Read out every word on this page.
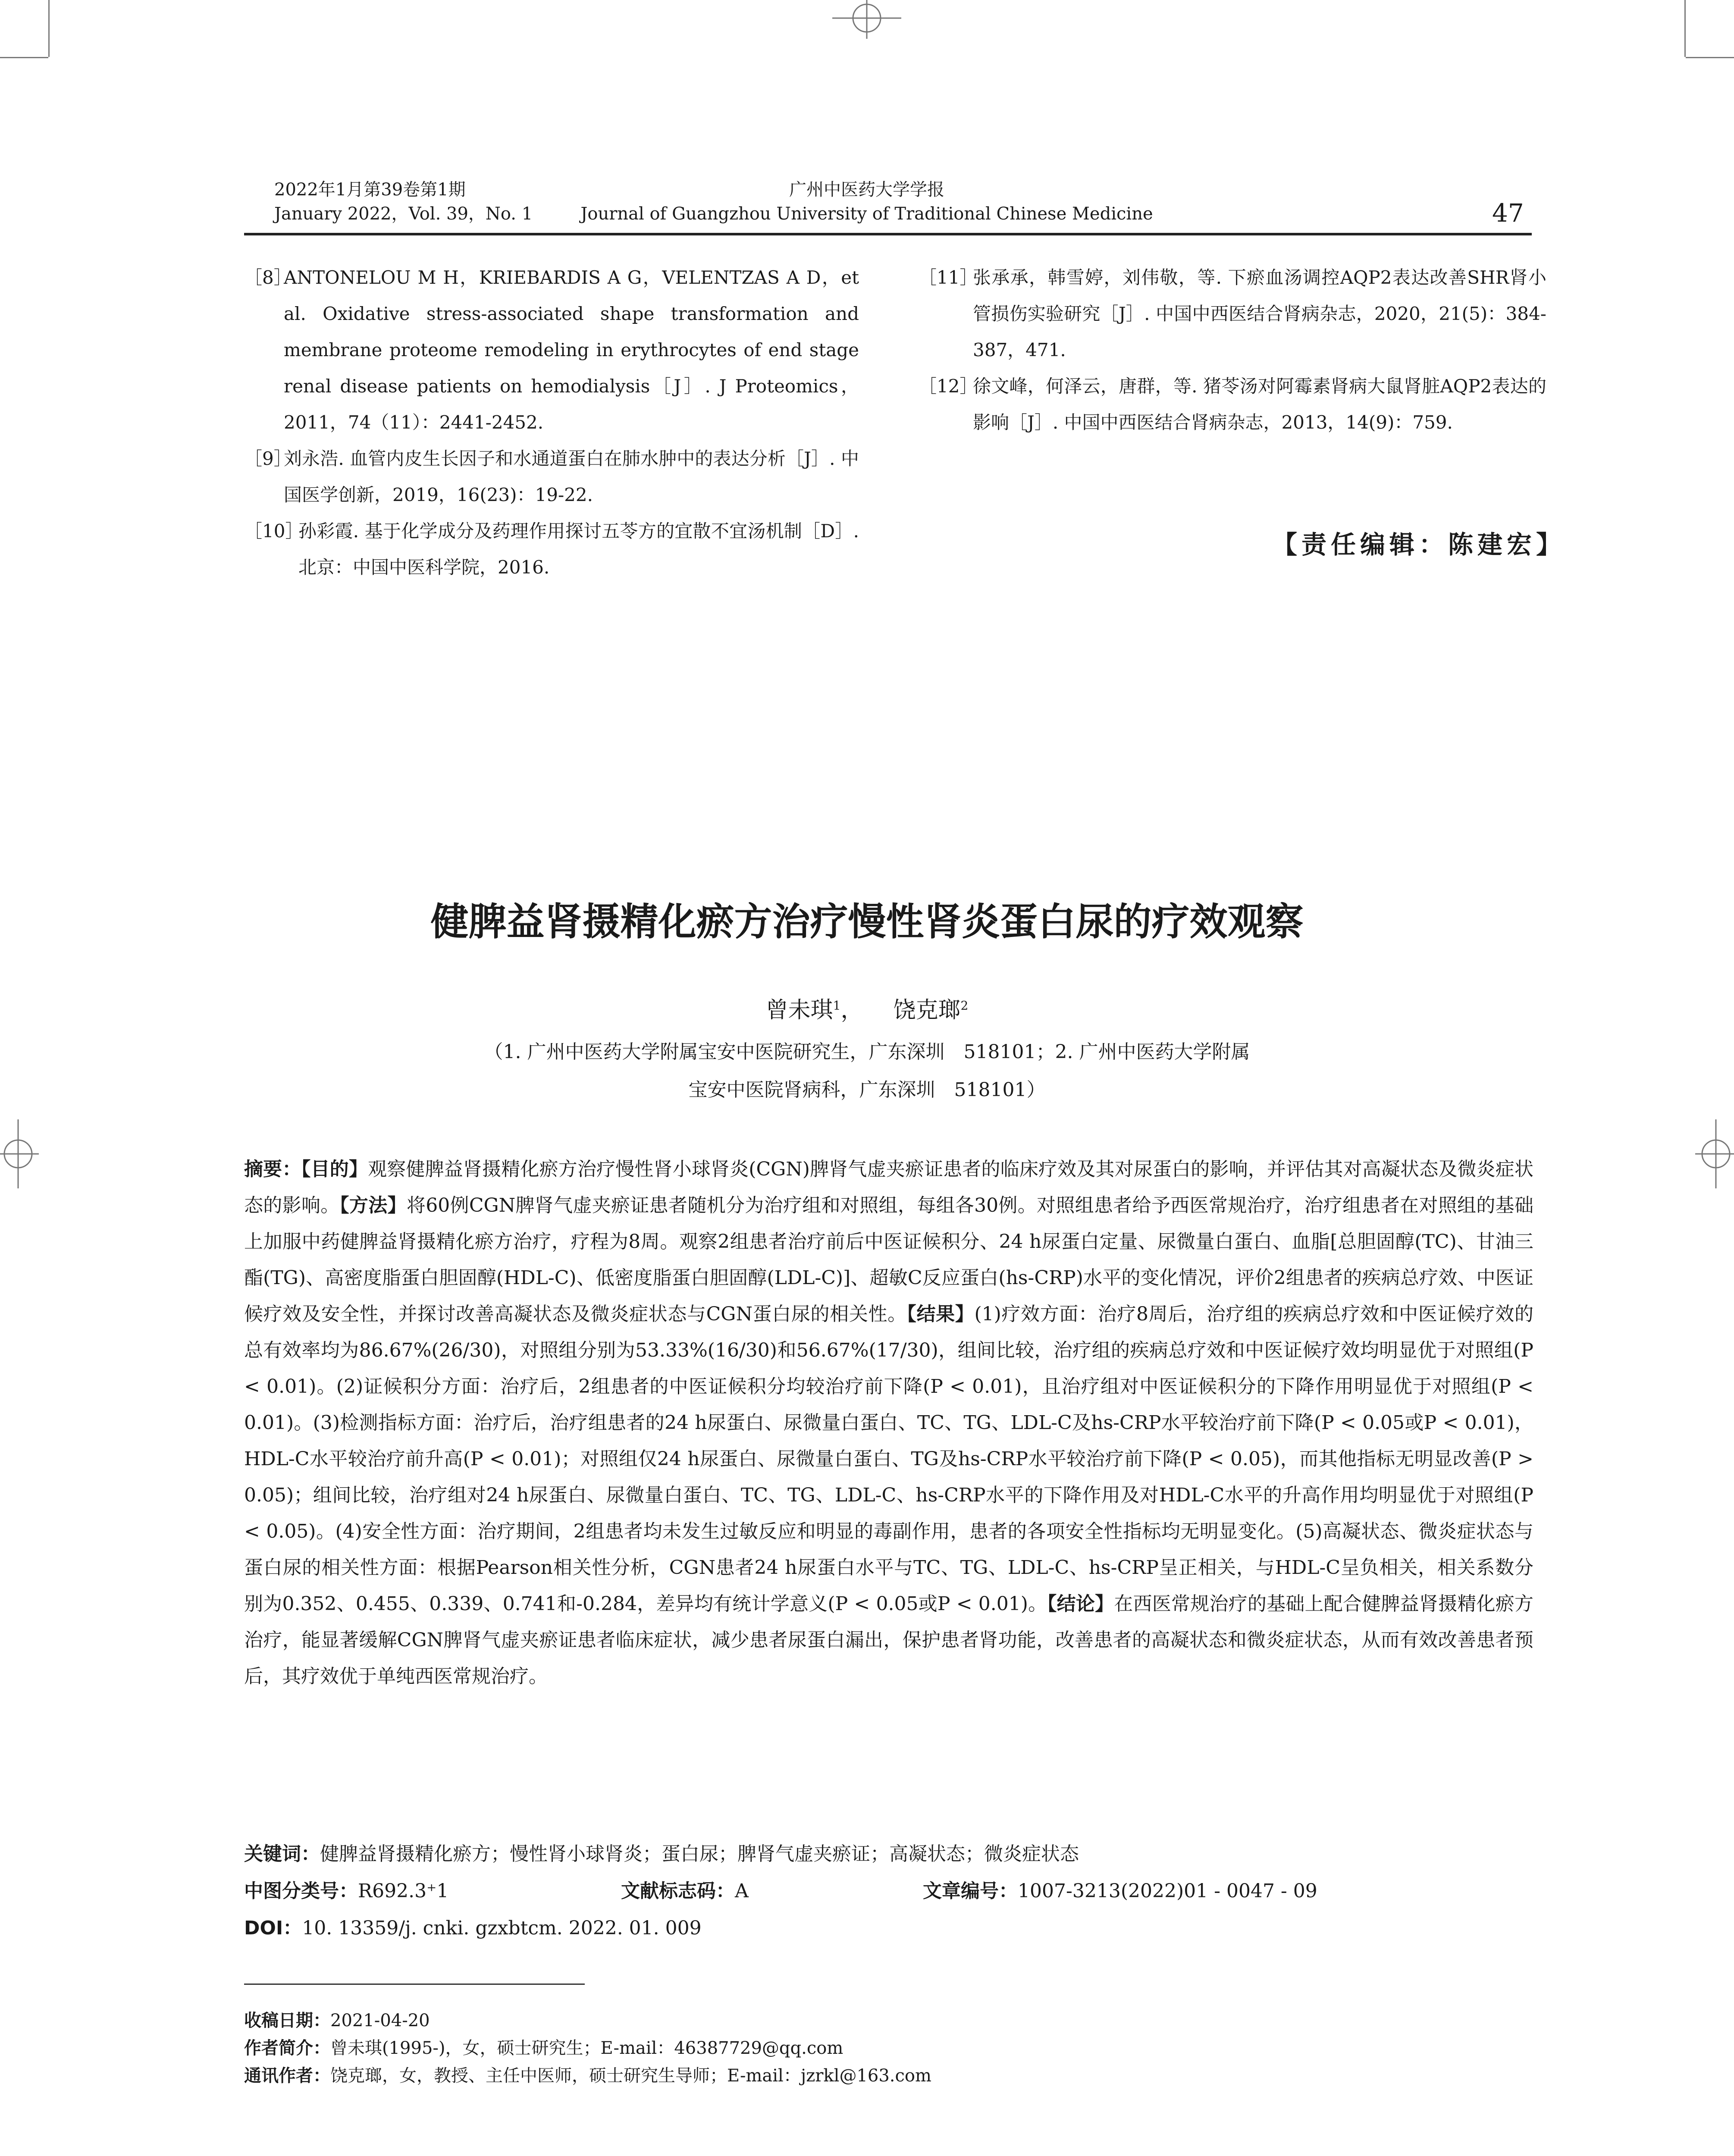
2022年1月第39卷第1期
January 2022，Vol. 39，No. 1
广州中医药大学学报
Journal of Guangzhou University of Traditional Chinese Medicine	47
［8］
ANTONELOU M H，KRIEBARDIS A G，VELENTZAS A D，et al. Oxidative stress-associated shape transformation and membrane proteome remodeling in erythrocytes of end stage renal disease patients on hemodialysis［J］. J Proteomics，2011，74（11）：2441-2452.
［9］
刘永浩. 血管内皮生长因子和水通道蛋白在肺水肿中的表达分析［J］. 中国医学创新，2019，16(23)：19-22.
［10］
孙彩霞. 基于化学成分及药理作用探讨五苓方的宜散不宜汤机制［D］. 北京：中国中医科学院，2016.
［11］
张承承，韩雪婷，刘伟敬，等. 下瘀血汤调控AQP2表达改善SHR肾小管损伤实验研究［J］. 中国中西医结合肾病杂志，2020，21(5)：384-387，471.
［12］
徐文峰，何泽云，唐群，等. 猪苓汤对阿霉素肾病大鼠肾脏AQP2表达的影响［J］. 中国中西医结合肾病杂志，2013，14(9)：759.
【责任编辑：陈建宏】
健脾益肾摄精化瘀方治疗慢性肾炎蛋白尿的疗效观察
曾未琪$^1$， 饶克瑯$^2$
（1. 广州中医药大学附属宝安中医院研究生，广东深圳　518101；2. 广州中医药大学附属
宝安中医院肾病科，广东深圳　518101）
摘要：【目的】观察健脾益肾摄精化瘀方治疗慢性肾小球肾炎(CGN)脾肾气虚夹瘀证患者的临床疗效及其对尿蛋白的影响，并评估其对高凝状态及微炎症状态的影响。【方法】将60例CGN脾肾气虚夹瘀证患者随机分为治疗组和对照组，每组各30例。对照组患者给予西医常规治疗，治疗组患者在对照组的基础上加服中药健脾益肾摄精化瘀方治疗，疗程为8周。观察2组患者治疗前后中医证候积分、24 h尿蛋白定量、尿微量白蛋白、血脂[总胆固醇(TC)、甘油三酯(TG)、高密度脂蛋白胆固醇(HDL-C)、低密度脂蛋白胆固醇(LDL-C)]、超敏C反应蛋白(hs-CRP)水平的变化情况，评价2组患者的疾病总疗效、中医证候疗效及安全性，并探讨改善高凝状态及微炎症状态与CGN蛋白尿的相关性。【结果】(1)疗效方面：治疗8周后，治疗组的疾病总疗效和中医证候疗效的总有效率均为86.67%(26/30)，对照组分别为53.33%(16/30)和56.67%(17/30)，组间比较，治疗组的疾病总疗效和中医证候疗效均明显优于对照组(P < 0.01)。(2)证候积分方面：治疗后，2组患者的中医证候积分均较治疗前下降(P < 0.01)，且治疗组对中医证候积分的下降作用明显优于对照组(P < 0.01)。(3)检测指标方面：治疗后，治疗组患者的24 h尿蛋白、尿微量白蛋白、TC、TG、LDL-C及hs-CRP水平较治疗前下降(P < 0.05或P < 0.01)，HDL-C水平较治疗前升高(P < 0.01)；对照组仅24 h尿蛋白、尿微量白蛋白、TG及hs-CRP水平较治疗前下降(P < 0.05)，而其他指标无明显改善(P > 0.05)；组间比较，治疗组对24 h尿蛋白、尿微量白蛋白、TC、TG、LDL-C、hs-CRP水平的下降作用及对HDL-C水平的升高作用均明显优于对照组(P < 0.05)。(4)安全性方面：治疗期间，2组患者均未发生过敏反应和明显的毒副作用，患者的各项安全性指标均无明显变化。(5)高凝状态、微炎症状态与蛋白尿的相关性方面：根据Pearson相关性分析，CGN患者24 h尿蛋白水平与TC、TG、LDL-C、hs-CRP呈正相关，与HDL-C呈负相关，相关系数分别为0.352、0.455、0.339、0.741和-0.284，差异均有统计学意义(P < 0.05或P < 0.01)。【结论】在西医常规治疗的基础上配合健脾益肾摄精化瘀方治疗，能显著缓解CGN脾肾气虚夹瘀证患者临床症状，减少患者尿蛋白漏出，保护患者肾功能，改善患者的高凝状态和微炎症状态，从而有效改善患者预后，其疗效优于单纯西医常规治疗。
关键词：健脾益肾摄精化瘀方；慢性肾小球肾炎；蛋白尿；脾肾气虚夹瘀证；高凝状态；微炎症状态
中图分类号：R692.3⁺1	文献标志码：A	文章编号：1007-3213(2022)01 - 0047 - 09
DOI：10. 13359/j. cnki. gzxbtcm. 2022. 01. 009
收稿日期：2021-04-20
作者简介：曾未琪(1995-)，女，硕士研究生；E-mail：46387729@qq.com
通讯作者：饶克瑯，女，教授、主任中医师，硕士研究生导师；E-mail：jzrkl@163.com
